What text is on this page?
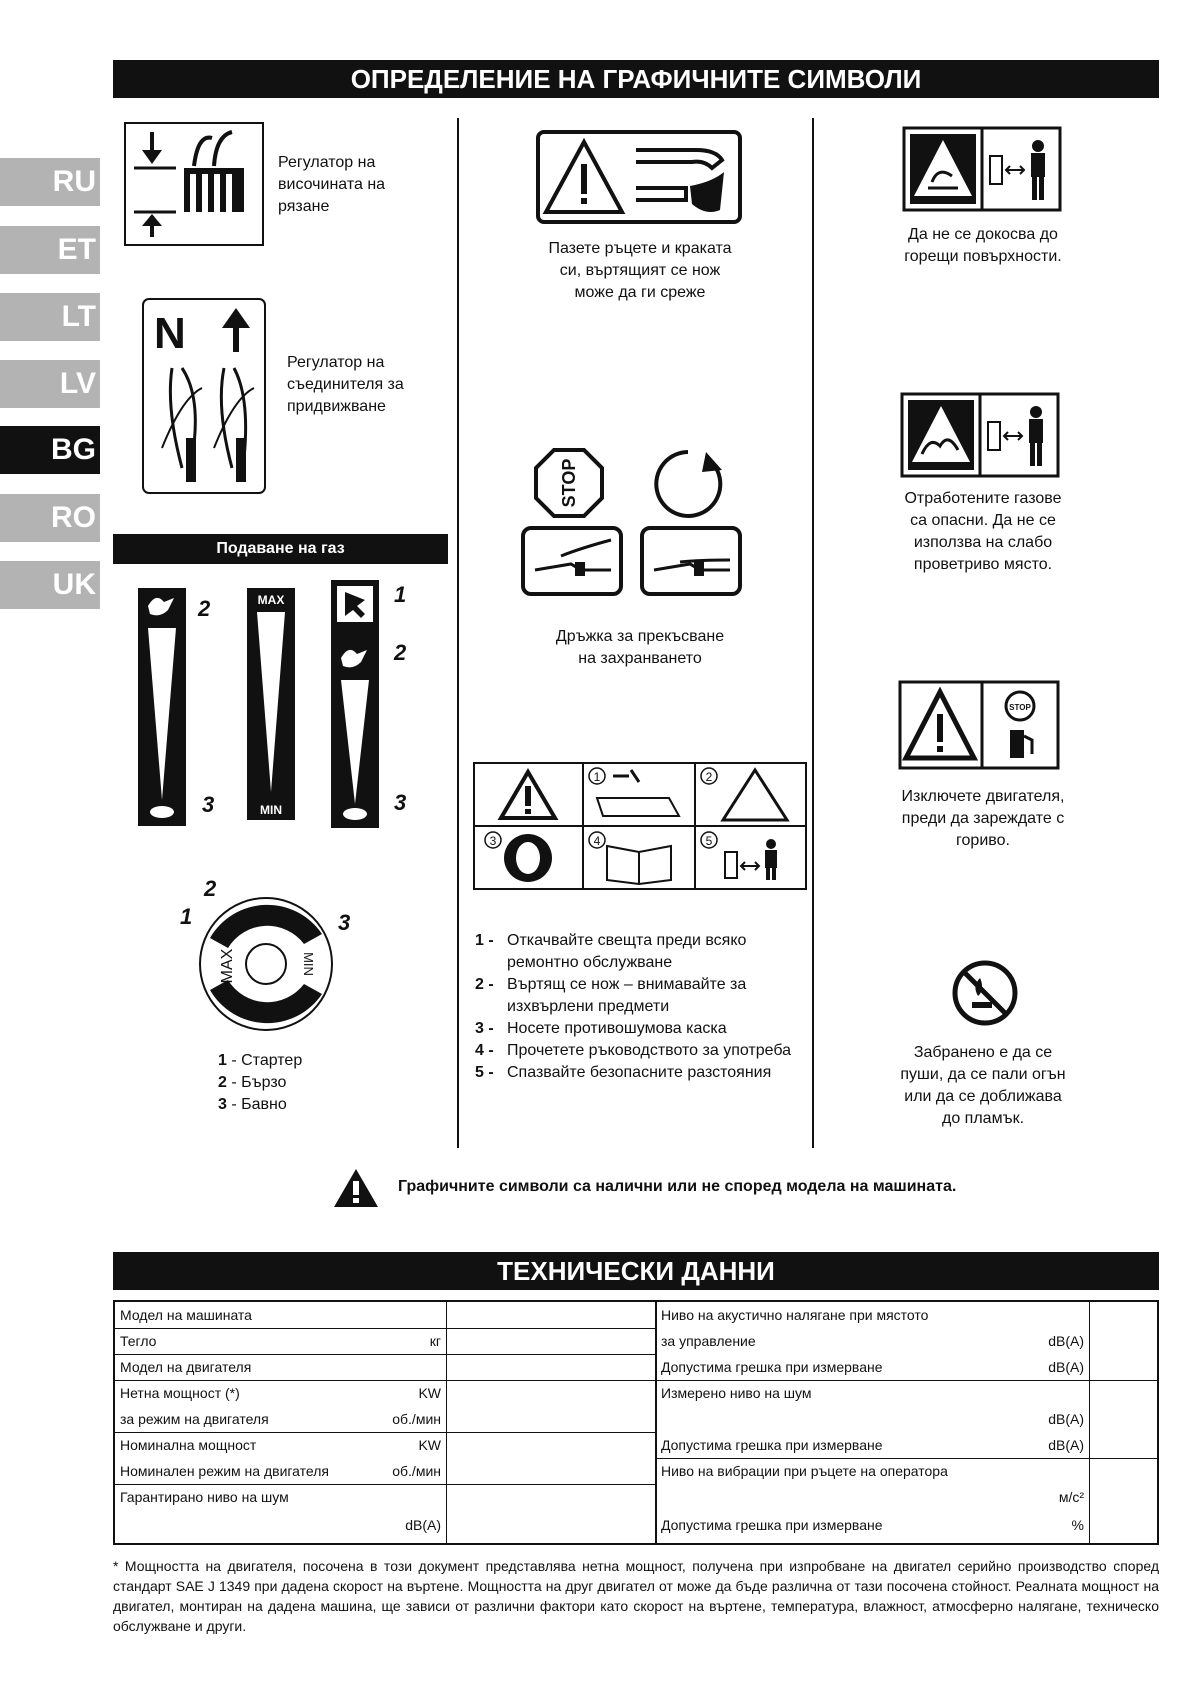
RU
ET
LT
LV
BG
RO
UK
ОПРЕДЕЛЕНИЕ НА ГРАФИЧНИТЕ СИМВОЛИ
Регулатор на
височината на
рязане
N
Регулатор на
съединителя за
придвижване
Подаване на газ
2
3
MAX
MIN
1
2
3
MAX	MIN
1
2
3
1 - Стартер
2 - Бързо
3 - Бавно
Пазете ръцете и краката
си, въртящият се нож
може да ги среже
STOP
Дръжка за прекъсване
на захранването
1	2
3	4	5
1 - Откачвайте свещта преди всяко ремонтно обслужване
2 - Въртящ се нож – внимавайте за изхвърлени предмети
3 - Носете противошумова каска
4 - Прочетете ръководството за употреба
5 - Спазвайте безопасните разстояния
Да не се докосва до
горещи повърхности.
Отработените газове
са опасни. Да не се
използва на слабо
проветриво място.
STOP
Изключете двигателя,
преди да зареждате с
гориво.
Забранено е да се
пуши, да се пали огън
или да се доближава
до пламък.
Графичните символи са налични или не според модела на машината.
ТЕХНИЧЕСКИ ДАННИ
Модел на машината
Тегло	кг
Модел на двигателя
Нетна мощност (*)	KW
за режим на двигателя	об./мин
Номинална мощност	KW
Номинален режим на двигателя	об./мин
Гарантирано ниво на шум
dB(A)
Ниво на акустично налягане при мястото
за управление	dB(A)
Допустима грешка при измерване	dB(A)
Измерено ниво на шум
dB(A)
Допустима грешка при измерване	dB(A)
Ниво на вибрации при ръцете на оператора
м/с²
Допустима грешка при измерване	%
* Мощността на двигателя, посочена в този документ представлява нетна мощност, получена при изпробване на двигател серийно производство според стандарт SAE J 1349 при дадена скорост на въртене. Мощността на друг двигател от може да бъде различна от тази посочена стойност. Реалната мощност на двигател, монтиран на дадена машина, ще зависи от различни фактори като скорост на въртене, температура, влажност, атмосферно налягане, техническо обслужване и други.
